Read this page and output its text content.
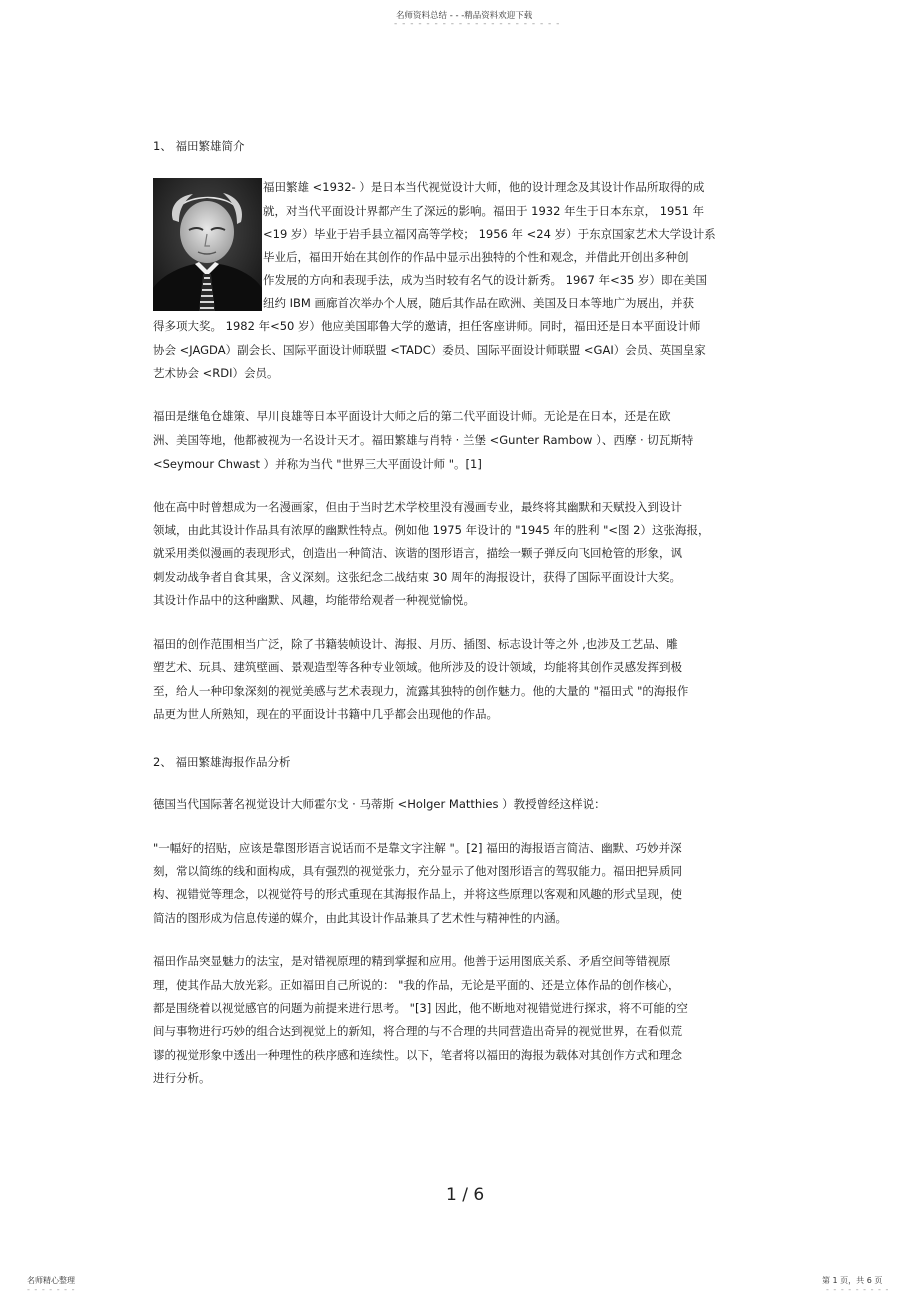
名师资料总结 - - -精品资料欢迎下载
- - - - - - - - - - - - - - - - - - - - -
1、 福田繁雄简介
福田繁雄 <1932- ）是日本当代视觉设计大师，他的设计理念及其设计作品所取得的成
就，对当代平面设计界都产生了深远的影响。福田于 1932 年生于日本东京， 1951 年
<19 岁）毕业于岩手县立福冈高等学校； 1956 年 <24 岁）于东京国家艺术大学设计系
毕业后，福田开始在其创作的作品中显示出独特的个性和观念，并借此开创出多种创
作发展的方向和表现手法，成为当时较有名气的设计新秀。 1967 年<35 岁）即在美国
纽约 IBM 画廊首次举办个人展，随后其作品在欧洲、美国及日本等地广为展出，并获
得多项大奖。 1982 年<50 岁）他应美国耶鲁大学的邀请，担任客座讲师。同时，福田还是日本平面设计师
协会 <JAGDA）副会长、国际平面设计师联盟 <TADC）委员、国际平面设计师联盟 <GAI）会员、英国皇家
艺术协会 <RDI）会员。
福田是继龟仓雄策、早川良雄等日本平面设计大师之后的第二代平面设计师。无论是在日本，还是在欧
洲、美国等地，他都被视为一名设计天才。福田繁雄与肖特 · 兰堡 <Gunter Rambow ）、西摩 · 切瓦斯特
<Seymour Chwast ）并称为当代 "世界三大平面设计师 "。[1]
他在高中时曾想成为一名漫画家，但由于当时艺术学校里没有漫画专业，最终将其幽默和天赋投入到设计
领域，由此其设计作品具有浓厚的幽默性特点。例如他 1975 年设计的 "1945 年的胜利 "<图 2）这张海报，
就采用类似漫画的表现形式，创造出一种简洁、诙谐的图形语言，描绘一颗子弹反向飞回枪管的形象，讽
刺发动战争者自食其果，含义深刻。这张纪念二战结束 30 周年的海报设计，获得了国际平面设计大奖。
其设计作品中的这种幽默、风趣，均能带给观者一种视觉愉悦。
福田的创作范围相当广泛，除了书籍装帧设计、海报、月历、插图、标志设计等之外 ,也涉及工艺品、雕
塑艺术、玩具、建筑壁画、景观造型等各种专业领域。他所涉及的设计领域，均能将其创作灵感发挥到极
至，给人一种印象深刻的视觉美感与艺术表现力，流露其独特的创作魅力。他的大量的 "福田式 "的海报作
品更为世人所熟知，现在的平面设计书籍中几乎都会出现他的作品。
2、 福田繁雄海报作品分析
德国当代国际著名视觉设计大师霍尔戈 · 马蒂斯 <Holger Matthies ）教授曾经这样说：
"一幅好的招贴，应该是靠图形语言说话而不是靠文字注解 "。[2] 福田的海报语言简洁、幽默、巧妙并深
刻，常以简练的线和面构成，具有强烈的视觉张力，充分显示了他对图形语言的驾驭能力。福田把异质同
构、视错觉等理念，以视觉符号的形式重现在其海报作品上，并将这些原理以客观和风趣的形式呈现，使
简洁的图形成为信息传递的媒介，由此其设计作品兼具了艺术性与精神性的内涵。
福田作品突显魅力的法宝，是对错视原理的精到掌握和应用。他善于运用图底关系、矛盾空间等错视原
理，使其作品大放光彩。正如福田自己所说的： "我的作品，无论是平面的、还是立体作品的创作核心，
都是围绕着以视觉感官的问题为前提来进行思考。 "[3] 因此，他不断地对视错觉进行探求，将不可能的空
间与事物进行巧妙的组合达到视觉上的新知，将合理的与不合理的共同营造出奇异的视觉世界，在看似荒
谬的视觉形象中透出一种理性的秩序感和连续性。以下，笔者将以福田的海报为载体对其创作方式和理念
进行分析。
1 / 6
名师精心整理
- - - - - - -
第 1 页，共 6 页
- - - - - - - - -
